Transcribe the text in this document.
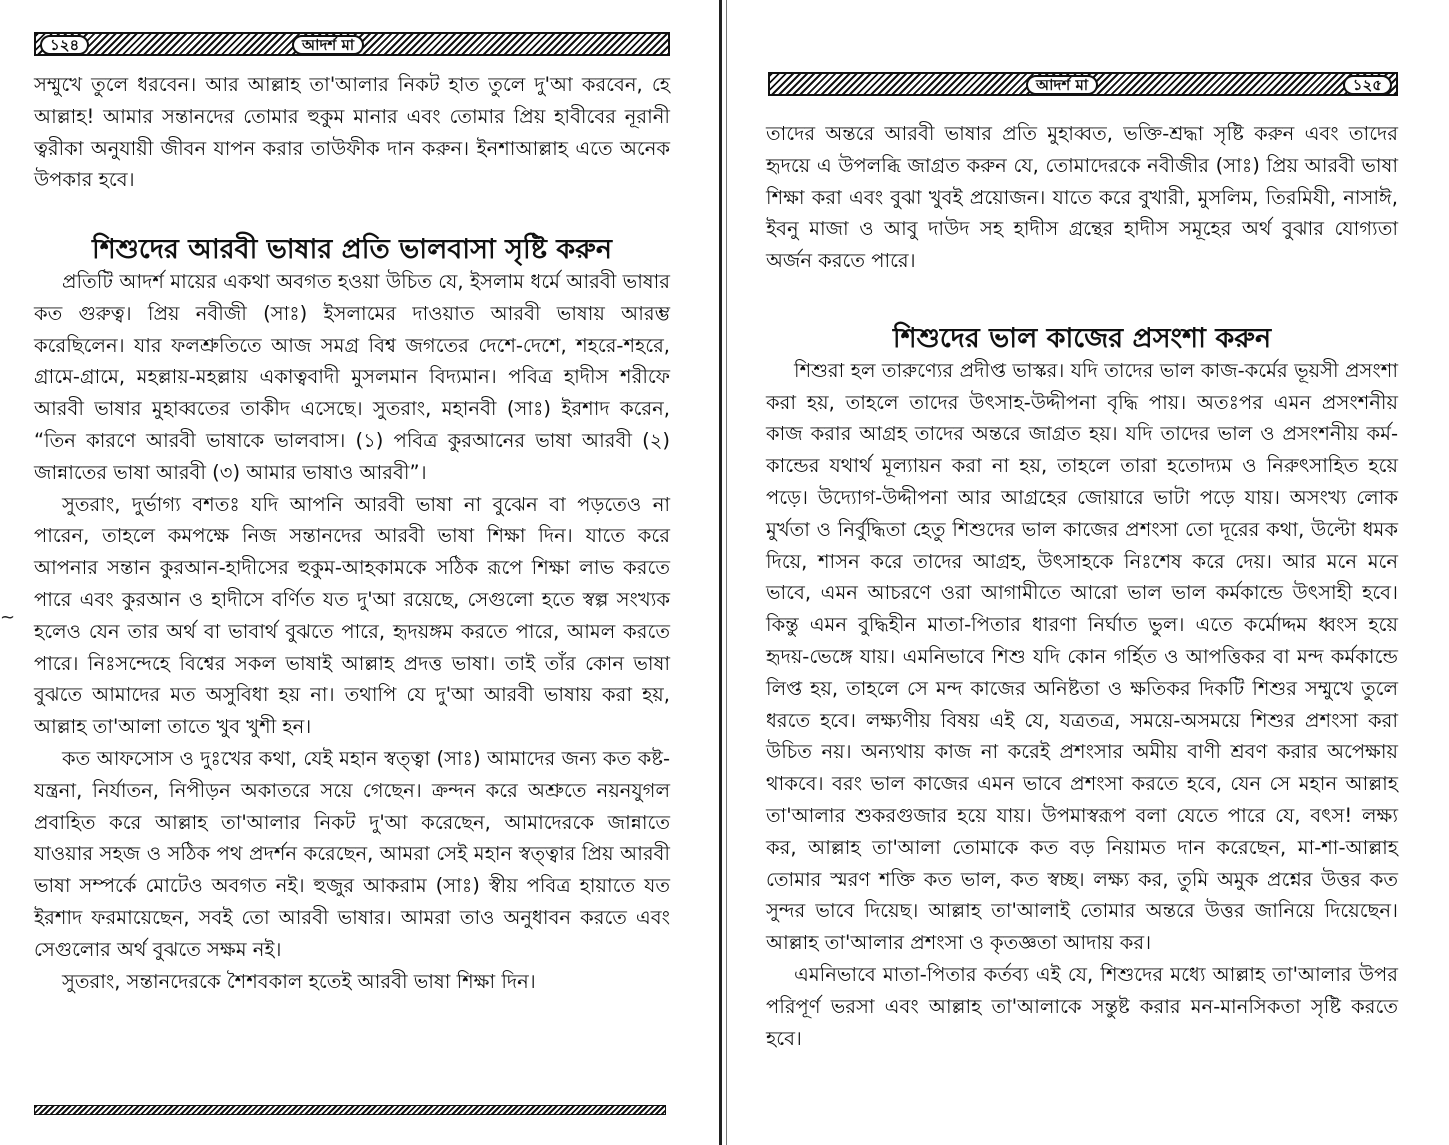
~
১২৪	আদর্শ মা

সম্মুখে তুলে ধরবেন। আর আল্লাহ তা'আলার নিকট হাত তুলে দু'আ করবেন, হে আল্লাহ! আমার সন্তানদের তোমার হুকুম মানার এবং তোমার প্রিয় হাবীবের নূরানী ত্বরীকা অনুযায়ী জীবন যাপন করার তাউফীক দান করুন। ইনশাআল্লাহ এতে অনেক উপকার হবে।

শিশুদের আরবী ভাষার প্রতি ভালবাসা সৃষ্টি করুন

প্রতিটি আদর্শ মায়ের একথা অবগত হওয়া উচিত যে, ইসলাম ধর্মে আরবী ভাষার কত গুরুত্ব। প্রিয় নবীজী (সাঃ) ইসলামের দাওয়াত আরবী ভাষায় আরম্ভ করেছিলেন। যার ফলশ্রুতিতে আজ সমগ্র বিশ্ব জগতের দেশে-দেশে, শহরে-শহরে, গ্রামে-গ্রামে, মহল্লায়-মহল্লায় একাত্ববাদী মুসলমান বিদ্যমান। পবিত্র হাদীস শরীফে আরবী ভাষার মুহাব্বতের তাকীদ এসেছে। সুতরাং, মহানবী (সাঃ) ইরশাদ করেন, “তিন কারণে আরবী ভাষাকে ভালবাস। (১) পবিত্র কুরআনের ভাষা আরবী (২) জান্নাতের ভাষা আরবী (৩) আমার ভাষাও আরবী”।

সুতরাং, দুর্ভাগ্য বশতঃ যদি আপনি আরবী ভাষা না বুঝেন বা পড়তেও না পারেন, তাহলে কমপক্ষে নিজ সন্তানদের আরবী ভাষা শিক্ষা দিন। যাতে করে আপনার সন্তান কুরআন-হাদীসের হুকুম-আহকামকে সঠিক রূপে শিক্ষা লাভ করতে পারে এবং কুরআন ও হাদীসে বর্ণিত যত দু'আ রয়েছে, সেগুলো হতে স্বল্প সংখ্যক হলেও যেন তার অর্থ বা ভাবার্থ বুঝতে পারে, হৃদয়ঙ্গম করতে পারে, আমল করতে পারে। নিঃসন্দেহে বিশ্বের সকল ভাষাই আল্লাহ প্রদত্ত ভাষা। তাই তাঁর কোন ভাষা বুঝতে আমাদের মত অসুবিধা হয় না। তথাপি যে দু'আ আরবী ভাষায় করা হয়, আল্লাহ তা'আলা তাতে খুব খুশী হন।

কত আফসোস ও দুঃখের কথা, যেই মহান স্বত্ত্বা (সাঃ) আমাদের জন্য কত কষ্ট-যন্ত্রনা, নির্যাতন, নিপীড়ন অকাতরে সয়ে গেছেন। ক্রন্দন করে অশ্রুতে নয়নযুগল প্রবাহিত করে আল্লাহ তা'আলার নিকট দু'আ করেছেন, আমাদেরকে জান্নাতে যাওয়ার সহজ ও সঠিক পথ প্রদর্শন করেছেন, আমরা সেই মহান স্বত্ত্বার প্রিয় আরবী ভাষা সম্পর্কে মোটেও অবগত নই। হুজুর আকরাম (সাঃ) স্বীয় পবিত্র হায়াতে যত ইরশাদ ফরমায়েছেন, সবই তো আরবী ভাষার। আমরা তাও অনুধাবন করতে এবং সেগুলোর অর্থ বুঝতে সক্ষম নই।

সুতরাং, সন্তানদেরকে শৈশবকাল হতেই আরবী ভাষা শিক্ষা দিন।

আদর্শ মা	১২৫

তাদের অন্তরে আরবী ভাষার প্রতি মুহাব্বত, ভক্তি-শ্রদ্ধা সৃষ্টি করুন এবং তাদের হৃদয়ে এ উপলব্ধি জাগ্রত করুন যে, তোমাদেরকে নবীজীর (সাঃ) প্রিয় আরবী ভাষা শিক্ষা করা এবং বুঝা খুবই প্রয়োজন। যাতে করে বুখারী, মুসলিম, তিরমিযী, নাসাঈ, ইবনু মাজা ও আবু দাউদ সহ হাদীস গ্রন্থের হাদীস সমূহের অর্থ বুঝার যোগ্যতা অর্জন করতে পারে।

শিশুদের ভাল কাজের প্রসংশা করুন

শিশুরা হল তারুণ্যের প্রদীপ্ত ভাস্কর। যদি তাদের ভাল কাজ-কর্মের ভূয়সী প্রসংশা করা হয়, তাহলে তাদের উৎসাহ-উদ্দীপনা বৃদ্ধি পায়। অতঃপর এমন প্রসংশনীয় কাজ করার আগ্রহ তাদের অন্তরে জাগ্রত হয়। যদি তাদের ভাল ও প্রসংশনীয় কর্ম-কান্ডের যথার্থ মূল্যায়ন করা না হয়, তাহলে তারা হতোদ্যম ও নিরুৎসাহিত হয়ে পড়ে। উদ্যোগ-উদ্দীপনা আর আগ্রহের জোয়ারে ভাটা পড়ে যায়। অসংখ্য লোক মুর্খতা ও নির্বুদ্ধিতা হেতু শিশুদের ভাল কাজের প্রশংসা তো দূরের কথা, উল্টো ধমক দিয়ে, শাসন করে তাদের আগ্রহ, উৎসাহকে নিঃশেষ করে দেয়। আর মনে মনে ভাবে, এমন আচরণে ওরা আগামীতে আরো ভাল ভাল কর্মকান্ডে উৎসাহী হবে। কিন্তু এমন বুদ্ধিহীন মাতা-পিতার ধারণা নির্ঘাত ভুল। এতে কর্মোদ্দম ধ্বংস হয়ে হৃদয়-ভেঙ্গে যায়। এমনিভাবে শিশু যদি কোন গর্হিত ও আপত্তিকর বা মন্দ কর্মকান্ডে লিপ্ত হয়, তাহলে সে মন্দ কাজের অনিষ্টতা ও ক্ষতিকর দিকটি শিশুর সম্মুখে তুলে ধরতে হবে। লক্ষ্যণীয় বিষয় এই যে, যত্রতত্র, সময়ে-অসময়ে শিশুর প্রশংসা করা উচিত নয়। অন্যথায় কাজ না করেই প্রশংসার অমীয় বাণী শ্রবণ করার অপেক্ষায় থাকবে। বরং ভাল কাজের এমন ভাবে প্রশংসা করতে হবে, যেন সে মহান আল্লাহ তা'আলার শুকরগুজার হয়ে যায়। উপমাস্বরূপ বলা যেতে পারে যে, বৎস! লক্ষ্য কর, আল্লাহ তা'আলা তোমাকে কত বড় নিয়ামত দান করেছেন, মা-শা-আল্লাহ তোমার স্মরণ শক্তি কত ভাল, কত স্বচ্ছ। লক্ষ্য কর, তুমি অমুক প্রশ্নের উত্তর কত সুন্দর ভাবে দিয়েছ। আল্লাহ তা'আলাই তোমার অন্তরে উত্তর জানিয়ে দিয়েছেন। আল্লাহ তা'আলার প্রশংসা ও কৃতজ্ঞতা আদায় কর।

এমনিভাবে মাতা-পিতার কর্তব্য এই যে, শিশুদের মধ্যে আল্লাহ তা'আলার উপর পরিপূর্ণ ভরসা এবং আল্লাহ তা'আলাকে সন্তুষ্ট করার মন-মানসিকতা সৃষ্টি করতে হবে।
